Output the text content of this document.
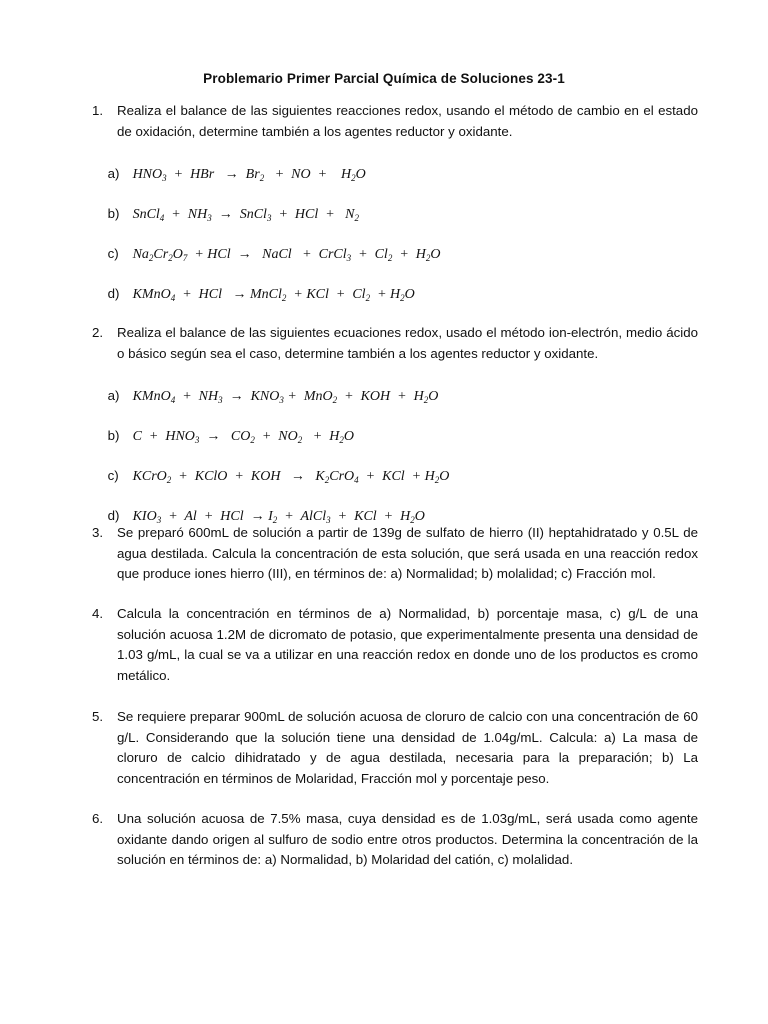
Problemario Primer Parcial Química de Soluciones 23-1
1. Realiza el balance de las siguientes reacciones redox, usando el método de cambio en el estado de oxidación, determine también a los agentes reductor y oxidante.

a) $HNO_3$  +  HBr   →  $Br_2$   +  NO  +    $H_2O$

b) SnCl$_4$  +  $NH_3$  →  SnCl$_3$  +  HCl  +   $N_2$

c) $Na_2Cr_2O_7$  + HCl  →   NaCl   +  CrCl$_3$  +  $Cl_2 + H_2O$

d) KMnO$_4$  +  HCl   → MnCl$_2$  + KCl  +  $Cl_2 + H_2O$

2. Realiza el balance de las siguientes ecuaciones redox, usado el método ion-electrón, medio ácido o básico según sea el caso, determine también a los agentes reductor y oxidante.

a) KMnO$_4$  +  $NH_3 \to KNO_3 + MnO_2$  +  KOH  +  $H_2O$

b) $C + HNO_3 \to CO_2 + NO_2 + H_2O$

c) KCrO$_2$  +  KClO  +  KOH   →   $K_2CrO_4$  +  KCl  + $H_2O$

d) $KIO_3 + Al$  +  HCl  → $I_2$  +  AlCl$_3$  +  KCl  +  $H_2O$

3. Se preparó 600mL de solución a partir de 139g de sulfato de hierro (II) heptahidratado y 0.5L de agua destilada. Calcula la concentración de esta solución, que será usada en una reacción redox que produce iones hierro (III), en términos de: a) Normalidad; b) molalidad; c) Fracción mol.
4. Calcula la concentración en términos de a) Normalidad, b) porcentaje masa, c) g/L de una solución acuosa 1.2M de dicromato de potasio, que experimentalmente presenta una densidad de 1.03 g/mL, la cual se va a utilizar en una reacción redox en donde uno de los productos es cromo metálico.
5. Se requiere preparar 900mL de solución acuosa de cloruro de calcio con una concentración de 60 g/L. Considerando que la solución tiene una densidad de 1.04g/mL. Calcula: a) La masa de cloruro de calcio dihidratado y de agua destilada, necesaria para la preparación; b) La concentración en términos de Molaridad, Fracción mol y porcentaje peso.
6. Una solución acuosa de 7.5% masa, cuya densidad es de 1.03g/mL, será usada como agente oxidante dando origen al sulfuro de sodio entre otros productos. Determina la concentración de la solución en términos de: a) Normalidad, b) Molaridad del catión, c) molalidad.
